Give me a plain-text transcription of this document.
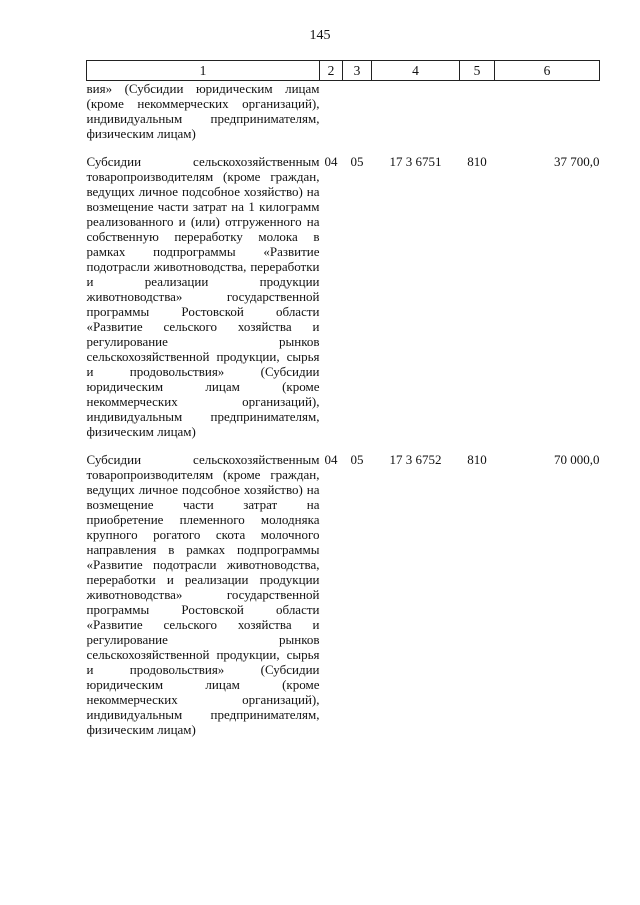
145
1	2	3	4	5	6
вия» (Субсидии юридическим лицам (кроме некоммерческих организаций), индивидуальным предпринимателям, физическим лицам)					

Субсидии сельскохозяйственным товаропроизводителям (кроме граждан, ведущих личное подсобное хозяйство) на возмещение части затрат на 1 килограмм реализованного и (или) отгруженного на собственную переработку молока в рамках подпрограммы «Развитие подотрасли животноводства, переработки и реализации продукции животноводства» государственной программы Ростовской области «Развитие сельского хозяйства и регулирование рынков сельскохозяйственной продукции, сырья и продовольствия» (Субсидии юридическим лицам (кроме некоммерческих организаций), индивидуальным предпринимателям, физическим лицам)	04	05	17 3 6751	810	37 700,0

Субсидии сельскохозяйственным товаропроизводителям (кроме граждан, ведущих личное подсобное хозяйство) на возмещение части затрат на приобретение племенного молодняка крупного рогатого скота молочного направления в рамках подпрограммы «Развитие подотрасли животноводства, переработки и реализации продукции животноводства» государственной программы Ростовской области «Развитие сельского хозяйства и регулирование рынков сельскохозяйственной продукции, сырья и продовольствия» (Субсидии юридическим лицам (кроме некоммерческих организаций), индивидуальным предпринимателям, физическим лицам)	04	05	17 3 6752	810	70 000,0
